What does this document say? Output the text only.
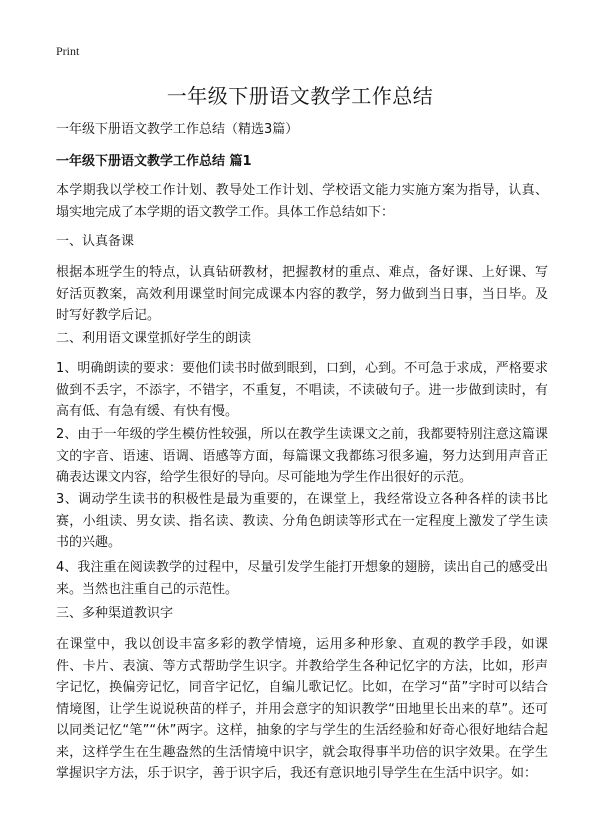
Print
一年级下册语文教学工作总结

一年级下册语文教学工作总结（精选3篇）

一年级下册语文教学工作总结 篇1

本学期我以学校工作计划、教导处工作计划、学校语文能力实施方案为指导，认真、塌实地完成了本学期的语文教学工作。具体工作总结如下：

一、认真备课

根据本班学生的特点，认真钻研教材，把握教材的重点、难点，备好课、上好课、写好活页教案，高效利用课堂时间完成课本内容的教学，努力做到当日事，当日毕。及时写好教学后记。

二、利用语文课堂抓好学生的朗读

1、明确朗读的要求：要他们读书时做到眼到，口到，心到。不可急于求成，严格要求做到不丢字，不添字，不错字，不重复，不唱读，不读破句子。进一步做到读时，有高有低、有急有缓、有快有慢。

2、由于一年级的学生模仿性较强，所以在教学生读课文之前，我都要特别注意这篇课文的字音、语速、语调、语感等方面，每篇课文我都练习很多遍，努力达到用声音正确表达课文内容，给学生很好的导向。尽可能地为学生作出很好的示范。

3、调动学生读书的积极性是最为重要的，在课堂上，我经常设立各种各样的读书比赛，小组读、男女读、指名读、教读、分角色朗读等形式在一定程度上激发了学生读书的兴趣。

4、我注重在阅读教学的过程中，尽量引发学生能打开想象的翅膀，读出自己的感受出来。当然也注重自己的示范性。

三、多种渠道教识字

在课堂中，我以创设丰富多彩的教学情境，运用多种形象、直观的教学手段，如课件、卡片、表演、等方式帮助学生识字。并教给学生各种记忆字的方法，比如，形声字记忆，换偏旁记忆，同音字记忆，自编儿歌记忆。比如，在学习“苗”字时可以结合情境图，让学生说说秧苗的样子，并用会意字的知识教学“田地里长出来的草”。还可以同类记忆“笔”“休”两字。这样，抽象的字与学生的生活经验和好奇心很好地结合起来，这样学生在生趣盎然的生活情境中识字，就会取得事半功倍的识字效果。在学生掌握识字方法，乐于识字，善于识字后，我还有意识地引导学生在生活中识字。如：
